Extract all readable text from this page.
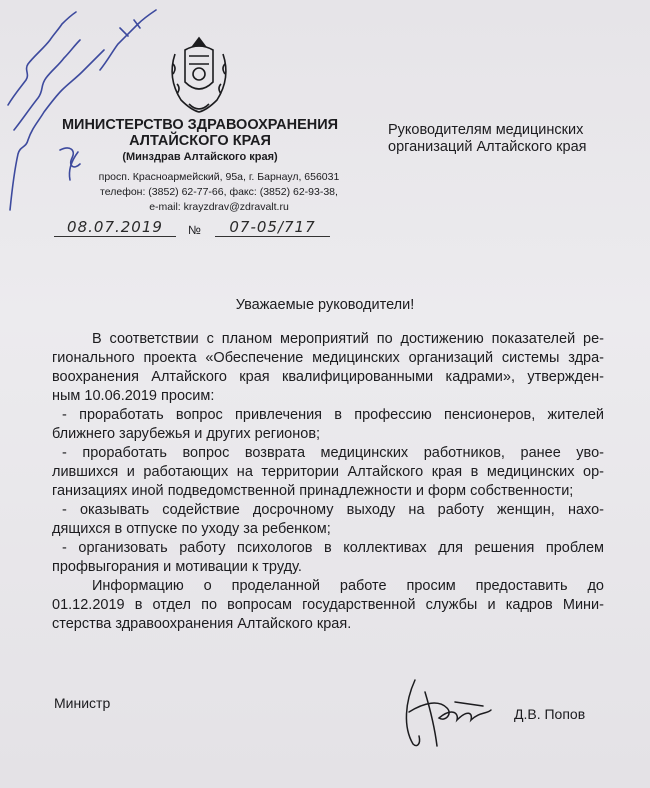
МИНИСТЕРСТВО ЗДРАВООХРАНЕНИЯ
АЛТАЙСКОГО КРАЯ
(Минздрав Алтайского края)
просп. Красноармейский, 95а, г. Барнаул, 656031
телефон: (3852) 62-77-66, факс: (3852) 62-93-38,
e-mail: krayzdrav@zdravalt.ru
08.07.2019	№	07-05/717
Руководителям медицинских
организаций Алтайского края
Уважаемые руководители!
В соответствии с планом мероприятий по достижению показателей ре-
гионального проекта «Обеспечение медицинских организаций системы здра-
воохранения Алтайского края квалифицированными кадрами», утвержден-
ным 10.06.2019 просим:
- проработать вопрос привлечения в профессию пенсионеров, жителей
ближнего зарубежья и других регионов;
- проработать вопрос возврата медицинских работников, ранее уво-
лившихся и работающих на территории Алтайского края в медицинских ор-
ганизациях иной подведомственной принадлежности и форм собственности;
- оказывать содействие досрочному выходу на работу женщин, нахо-
дящихся в отпуске по уходу за ребенком;
- организовать работу психологов в коллективах для решения проблем
профвыгорания и мотивации к труду.
Информацию о проделанной работе просим предоставить до
01.12.2019 в отдел по вопросам государственной службы и кадров Мини-
стерства здравоохранения Алтайского края.
Министр
Д.В. Попов
